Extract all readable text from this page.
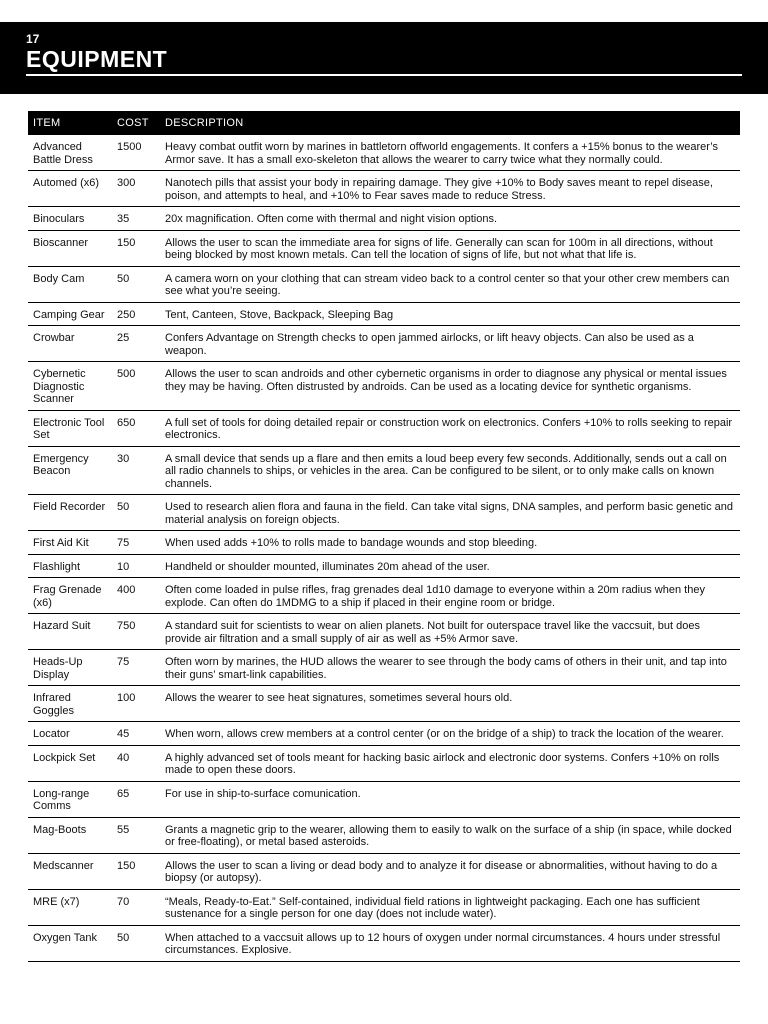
17
EQUIPMENT
ITEM	COST	DESCRIPTION
Advanced Battle Dress	1500	Heavy combat outfit worn by marines in battletorn offworld engagements. It confers a +15% bonus to the wearer’s Armor save. It has a small exo-skeleton that allows the wearer to carry twice what they normally could.
Automed (x6)	300	Nanotech pills that assist your body in repairing damage. They give +10% to Body saves meant to repel disease, poison, and attempts to heal, and +10% to Fear saves made to reduce Stress.
Binoculars	35	20x magnification. Often come with thermal and night vision options.
Bioscanner	150	Allows the user to scan the immediate area for signs of life. Generally can scan for 100m in all directions, without being blocked by most known metals. Can tell the location of signs of life, but not what that life is.
Body Cam	50	A camera worn on your clothing that can stream video back to a control center so that your other crew members can see what you’re seeing.
Camping Gear	250	Tent, Canteen, Stove, Backpack, Sleeping Bag
Crowbar	25	Confers Advantage on Strength checks to open jammed airlocks, or lift heavy objects. Can also be used as a weapon.
Cybernetic Diagnostic Scanner	500	Allows the user to scan androids and other cybernetic organisms in order to diagnose any physical or mental issues they may be having. Often distrusted by androids. Can be used as a locating device for synthetic organisms.
Electronic Tool Set	650	A full set of tools for doing detailed repair or construction work on electronics. Confers +10% to rolls seeking to repair electronics.
Emergency Beacon	30	A small device that sends up a flare and then emits a loud beep every few seconds. Additionally, sends out a call on all radio channels to ships, or vehicles in the area. Can be configured to be silent, or to only make calls on known channels.
Field Recorder	50	Used to research alien flora and fauna in the field. Can take vital signs, DNA samples, and perform basic genetic and material analysis on foreign objects.
First Aid Kit	75	When used adds +10% to rolls made to bandage wounds and stop bleeding.
Flashlight	10	Handheld or shoulder mounted, illuminates 20m ahead of the user.
Frag Grenade (x6)	400	Often come loaded in pulse rifles, frag grenades deal 1d10 damage to everyone within a 20m radius when they explode. Can often do 1MDMG to a ship if placed in their engine room or bridge.
Hazard Suit	750	A standard suit for scientists to wear on alien planets. Not built for outerspace travel like the vaccsuit, but does provide air filtration and a small supply of air as well as +5% Armor save.
Heads-Up Display	75	Often worn by marines, the HUD allows the wearer to see through the body cams of others in their unit, and tap into their guns’ smart-link capabilities.
Infrared Goggles	100	Allows the wearer to see heat signatures, sometimes several hours old.
Locator	45	When worn, allows crew members at a control center (or on the bridge of a ship) to track the location of the wearer.
Lockpick Set	40	A highly advanced set of tools meant for hacking basic airlock and electronic door systems. Confers +10% on rolls made to open these doors.
Long-range Comms	65	For use in ship-to-surface comunication.
Mag-Boots	55	Grants a magnetic grip to the wearer, allowing them to easily to walk on the surface of a ship (in space, while docked or free-floating), or metal based asteroids.
Medscanner	150	Allows the user to scan a living or dead body and to analyze it for disease or abnormalities, without having to do a biopsy (or autopsy).
MRE (x7)	70	“Meals, Ready-to-Eat.” Self-contained, individual field rations in lightweight packaging. Each one has sufficient sustenance for a single person for one day (does not include water).
Oxygen Tank	50	When attached to a vaccsuit allows up to 12 hours of oxygen under normal circumstances. 4 hours under stressful circumstances. Explosive.
